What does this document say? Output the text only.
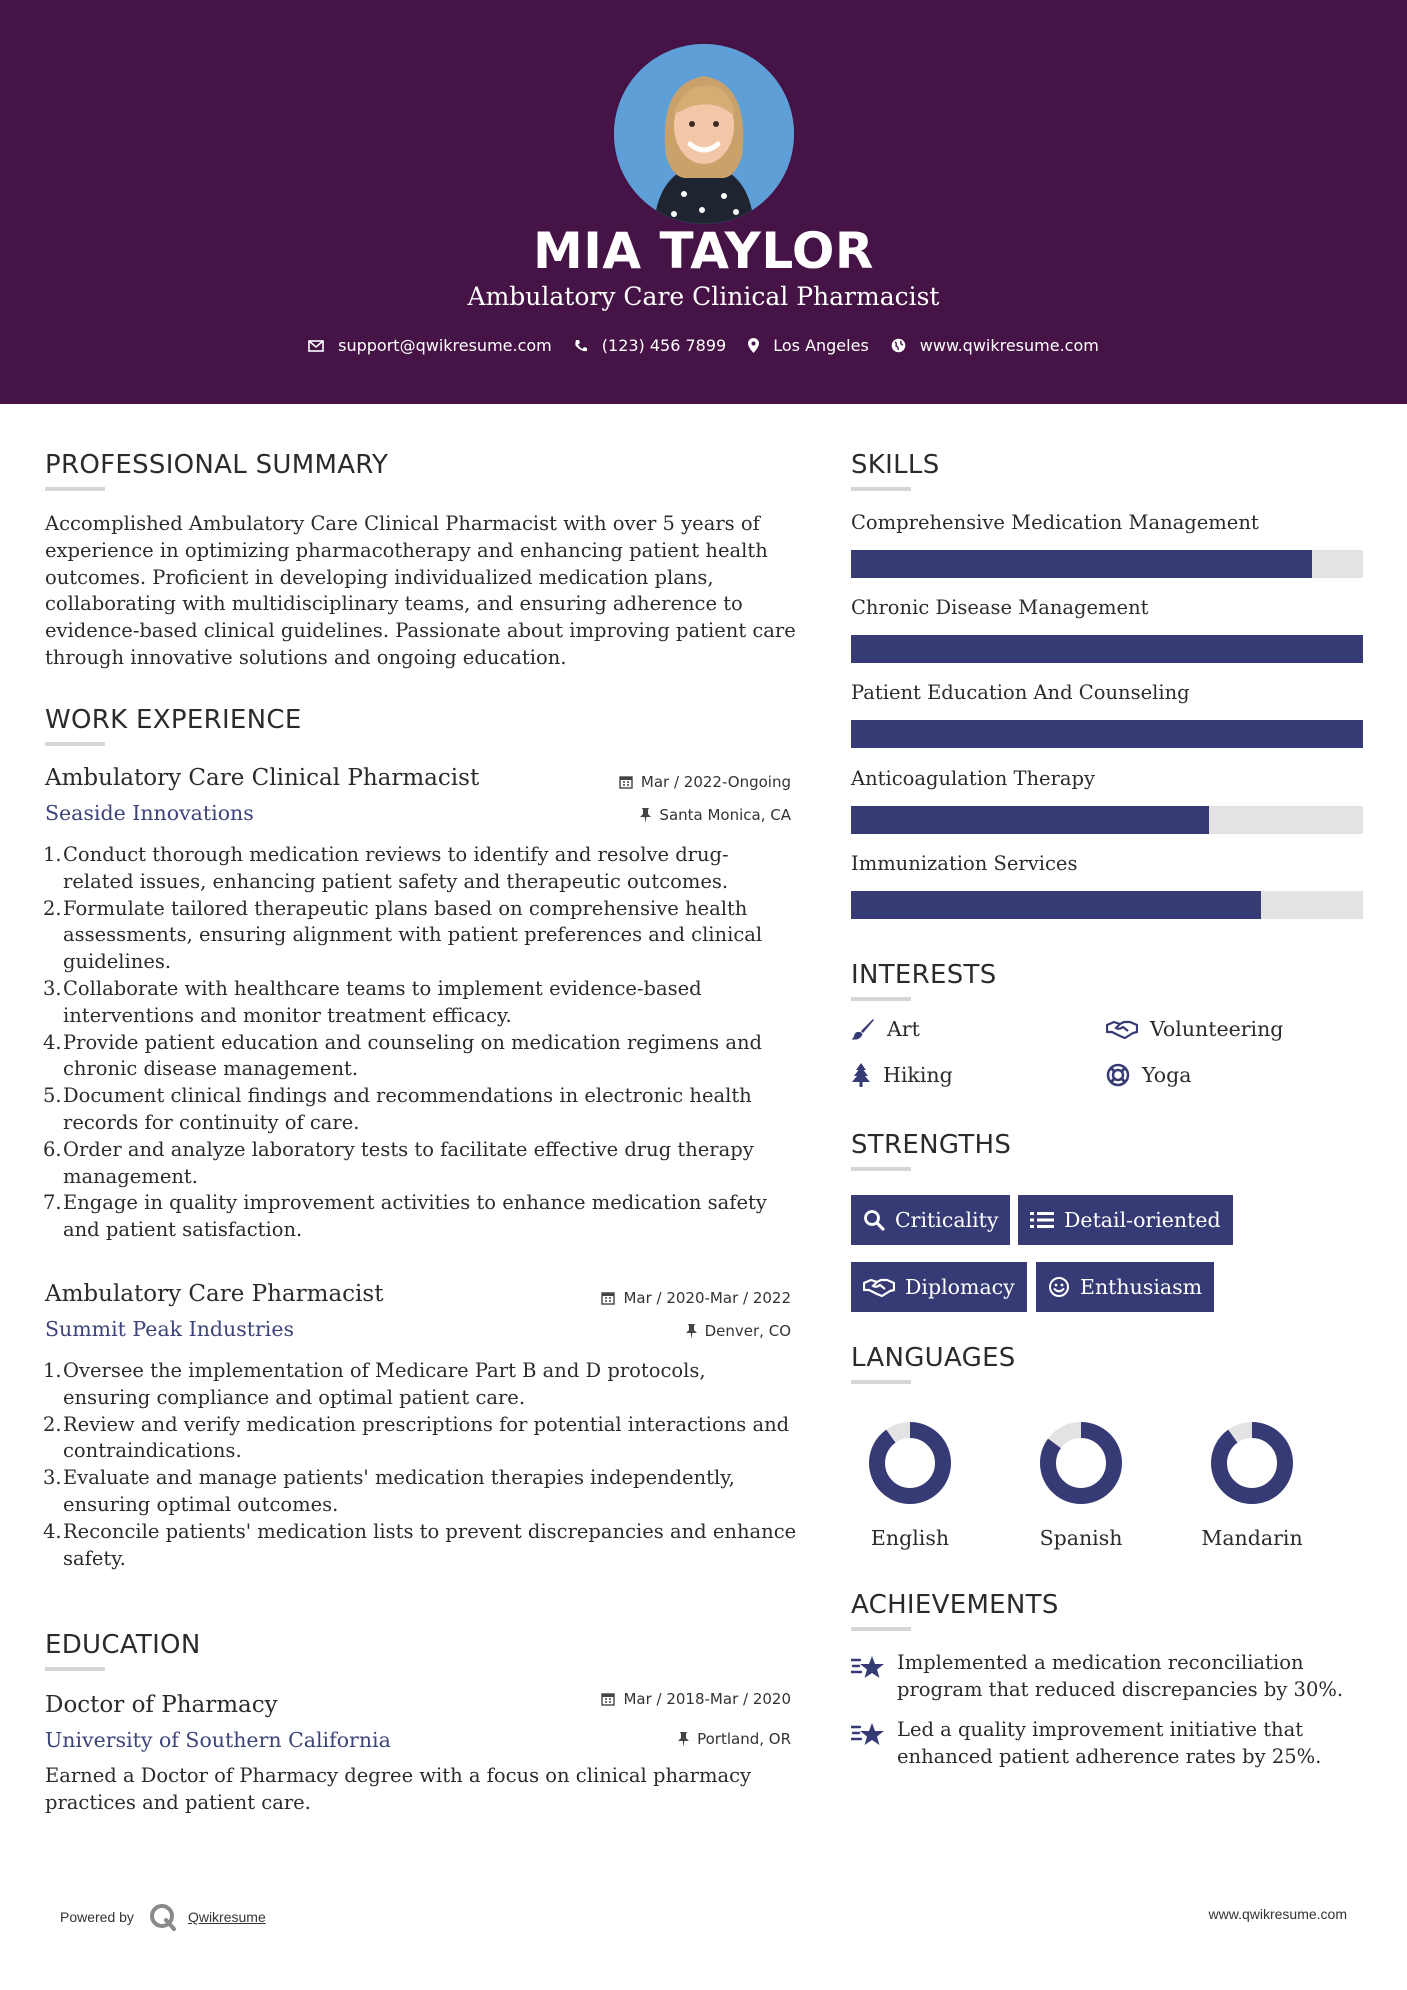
MIA TAYLOR
Ambulatory Care Clinical Pharmacist
support@qwikresume.com	(123) 456 7899	Los Angeles	www.qwikresume.com
PROFESSIONAL SUMMARY
Accomplished Ambulatory Care Clinical Pharmacist with over 5 years of experience in optimizing pharmacotherapy and enhancing patient health outcomes. Proficient in developing individualized medication plans, collaborating with multidisciplinary teams, and ensuring adherence to evidence-based clinical guidelines. Passionate about improving patient care through innovative solutions and ongoing education.
WORK EXPERIENCE
Ambulatory Care Clinical Pharmacist	Mar / 2022-Ongoing
Seaside Innovations	Santa Monica, CA
1. Conduct thorough medication reviews to identify and resolve drug-related issues, enhancing patient safety and therapeutic outcomes.
2. Formulate tailored therapeutic plans based on comprehensive health assessments, ensuring alignment with patient preferences and clinical guidelines.
3. Collaborate with healthcare teams to implement evidence-based interventions and monitor treatment efficacy.
4. Provide patient education and counseling on medication regimens and chronic disease management.
5. Document clinical findings and recommendations in electronic health records for continuity of care.
6. Order and analyze laboratory tests to facilitate effective drug therapy management.
7. Engage in quality improvement activities to enhance medication safety and patient satisfaction.
Ambulatory Care Pharmacist	Mar / 2020-Mar / 2022
Summit Peak Industries	Denver, CO
1. Oversee the implementation of Medicare Part B and D protocols, ensuring compliance and optimal patient care.
2. Review and verify medication prescriptions for potential interactions and contraindications.
3. Evaluate and manage patients' medication therapies independently, ensuring optimal outcomes.
4. Reconcile patients' medication lists to prevent discrepancies and enhance safety.
EDUCATION
Doctor of Pharmacy	Mar / 2018-Mar / 2020
University of Southern California	Portland, OR
Earned a Doctor of Pharmacy degree with a focus on clinical pharmacy practices and patient care.
SKILLS
Comprehensive Medication Management
Chronic Disease Management
Patient Education And Counseling
Anticoagulation Therapy
Immunization Services
INTERESTS
Art	Volunteering
Hiking	Yoga
STRENGTHS
Criticality	Detail-oriented
Diplomacy	Enthusiasm
LANGUAGES
English	Spanish	Mandarin
ACHIEVEMENTS
Implemented a medication reconciliation program that reduced discrepancies by 30%.
Led a quality improvement initiative that enhanced patient adherence rates by 25%.
Powered by	Qwikresume	www.qwikresume.com
